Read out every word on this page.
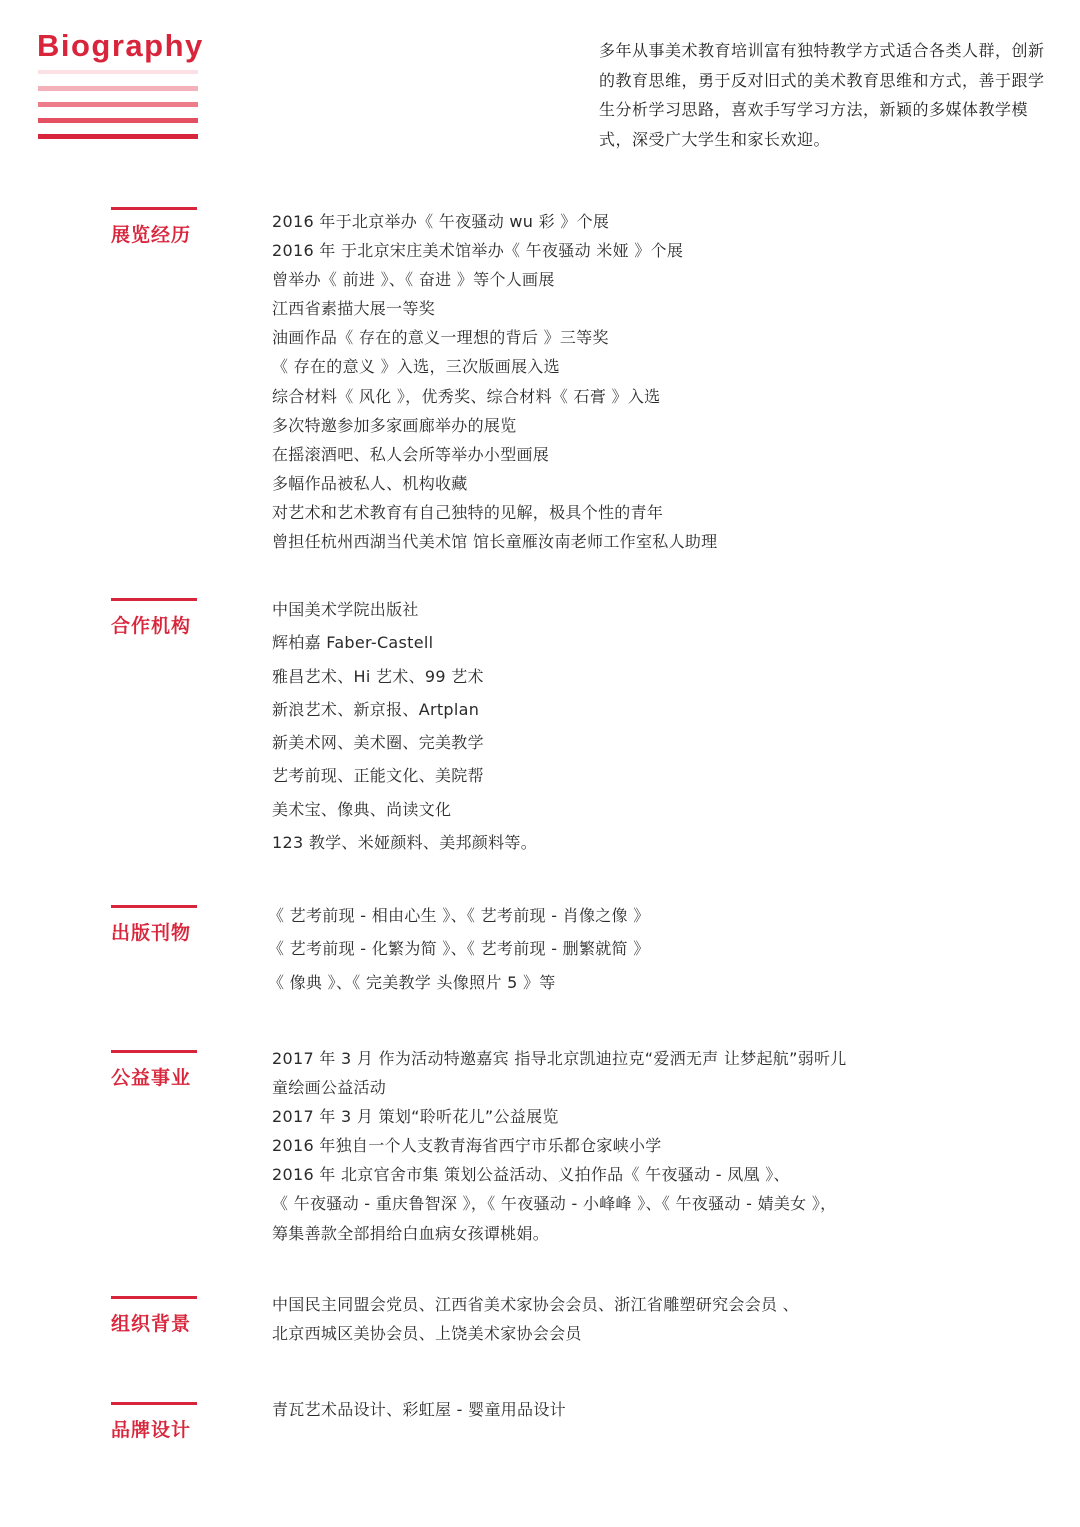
Biography	多年从事美术教育培训富有独特教学方式适合各类人群，创新的教育思维，勇于反对旧式的美术教育思维和方式，善于跟学生分析学习思路，喜欢手写学习方法，新颖的多媒体教学模式，深受广大学生和家长欢迎。

展览经历
2016 年于北京举办《 午夜骚动 wu 彩 》个展
2016 年 于北京宋庄美术馆举办《 午夜骚动 米娅 》个展
曾举办《 前进 》、《 奋进 》等个人画展
江西省素描大展一等奖
油画作品《 存在的意义一理想的背后 》三等奖
《 存在的意义 》入选，三次版画展入选
综合材料《 风化 》，优秀奖、综合材料《 石膏 》入选
多次特邀参加多家画廊举办的展览
在摇滚酒吧、私人会所等举办小型画展
多幅作品被私人、机构收藏
对艺术和艺术教育有自己独特的见解，极具个性的青年
曾担任杭州西湖当代美术馆 馆长童雁汝南老师工作室私人助理
合作机构
中国美术学院出版社
辉柏嘉 Faber-Castell
雅昌艺术、Hi 艺术、99 艺术
新浪艺术、新京报、Artplan
新美术网、美术圈、完美教学
艺考前现、正能文化、美院帮
美术宝、像典、尚读文化
123 教学、米娅颜料、美邦颜料等。
出版刊物
《 艺考前现 - 相由心生 》、《 艺考前现 - 肖像之像 》
《 艺考前现 - 化繁为简 》、《 艺考前现 - 删繁就简 》
《 像典 》、《 完美教学 头像照片 5 》等
公益事业
2017 年 3 月 作为活动特邀嘉宾 指导北京凯迪拉克“爱洒无声 让梦起航”弱听儿
童绘画公益活动
2017 年 3 月 策划“聆听花儿”公益展览
2016 年独自一个人支教青海省西宁市乐都仓家峡小学
2016 年 北京官舍市集 策划公益活动、义拍作品《 午夜骚动 - 凤凰 》、
《 午夜骚动 - 重庆鲁智深 》，《 午夜骚动 - 小峰峰 》、《 午夜骚动 - 婧美女 》，
筹集善款全部捐给白血病女孩谭桃娟。
组织背景
中国民主同盟会党员、江西省美术家协会会员、浙江省雕塑研究会会员 、
北京西城区美协会员、上饶美术家协会会员
品牌设计
青瓦艺术品设计、彩虹屋 - 婴童用品设计
